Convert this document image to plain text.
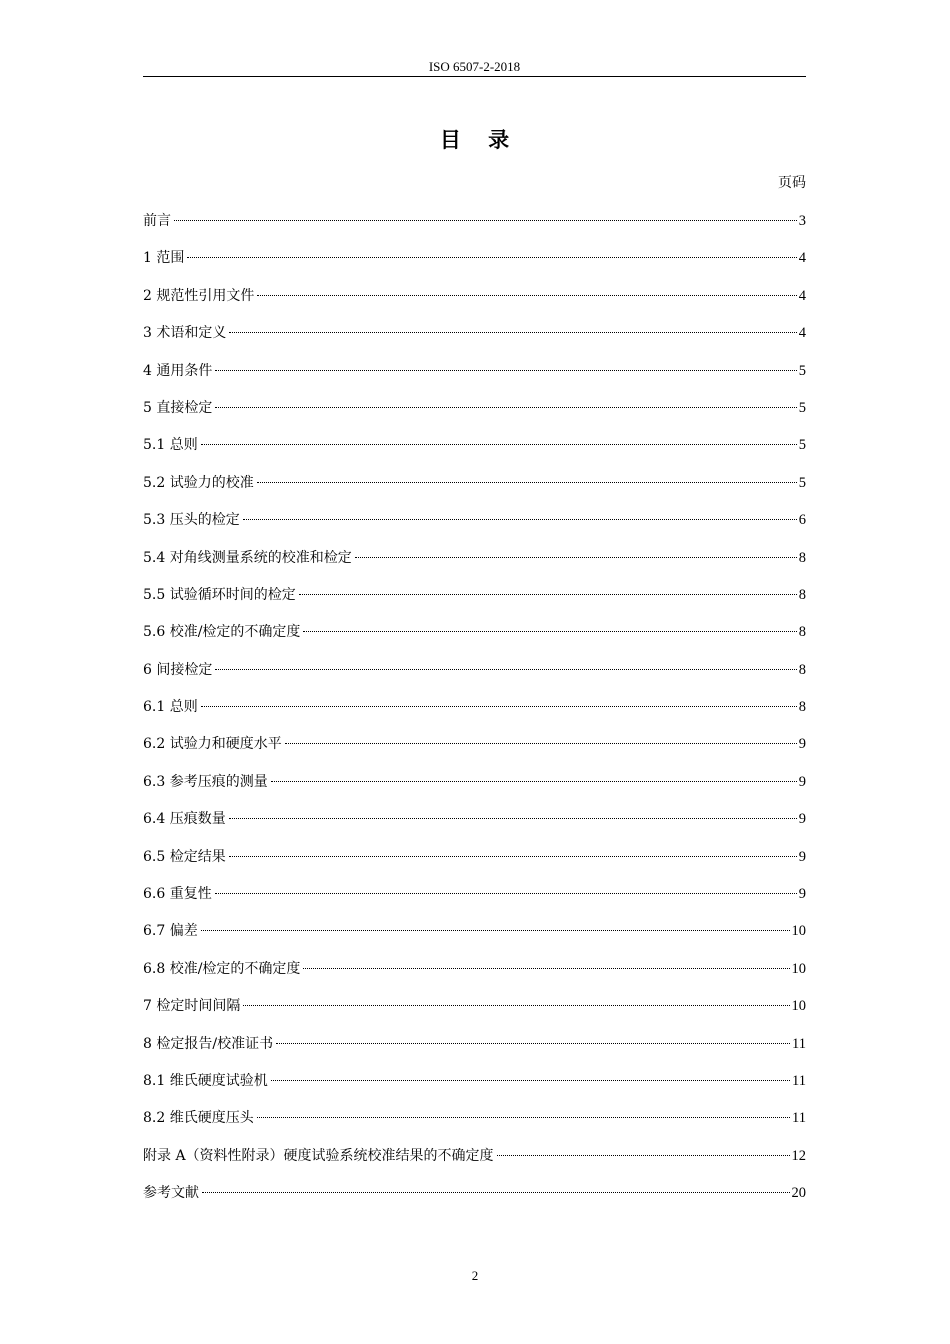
ISO 6507-2-2018
目 录
页码
前言	3
1 范围	4
2 规范性引用文件	4
3 术语和定义	4
4 通用条件	5
5 直接检定	5
5.1 总则	5
5.2 试验力的校准	5
5.3 压头的检定	6
5.4 对角线测量系统的校准和检定	8
5.5 试验循环时间的检定	8
5.6 校准/检定的不确定度	8
6 间接检定	8
6.1 总则	8
6.2 试验力和硬度水平	9
6.3 参考压痕的测量	9
6.4 压痕数量	9
6.5 检定结果	9
6.6 重复性	9
6.7 偏差	10
6.8 校准/检定的不确定度	10
7 检定时间间隔	10
8 检定报告/校准证书	11
8.1 维氏硬度试验机	11
8.2 维氏硬度压头	11
附录 A（资料性附录）硬度试验系统校准结果的不确定度	12
参考文献	20
2
